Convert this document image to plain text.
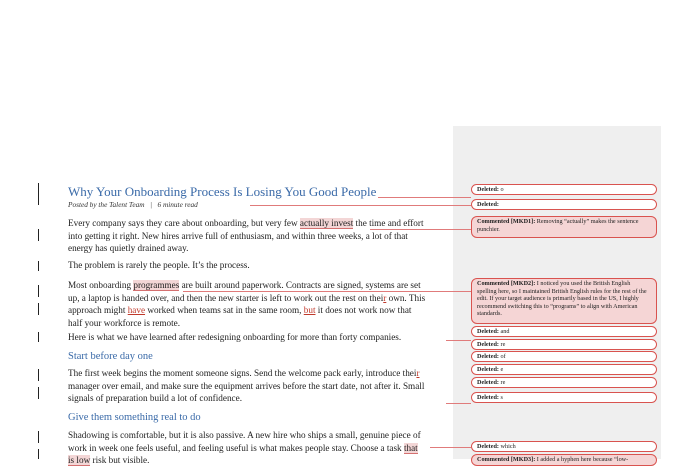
Why Your Onboarding Process Is Losing You Good People
Posted by the Talent Team | 6 minute read
Every company says they care about onboarding, but very few actually invest the time and effort
into getting it right. New hires arrive full of enthusiasm, and within three weeks, a lot of that
energy has quietly drained away.
The problem is rarely the people. It’s the process.
Most onboarding programmes are built around paperwork. Contracts are signed, systems are set
up, a laptop is handed over, and then the new starter is left to work out the rest on their own. This
approach might have worked when teams sat in the same room, but it does not work now that
half your workforce is remote.
Here is what we have learned after redesigning onboarding for more than forty companies.
Start before day one
The first week begins the moment someone signs. Send the welcome pack early, introduce their
manager over email, and make sure the equipment arrives before the start date, not after it. Small
signals of preparation build a lot of confidence.
Give them something real to do
Shadowing is comfortable, but it is also passive. A new hire who ships a small, genuine piece of
work in week one feels useful, and feeling useful is what makes people stay. Choose a task that
is low risk but visible.
Deleted: o
Deleted:
Commented [MKD1]: Removing “actually” makes the sentence punchier.
Commented [MKD2]: I noticed you used the British English spelling here, so I maintained British English rules for the rest of the edit. If your target audience is primarily based in the US, I highly recommend switching this to “programs” to align with American standards.
Deleted: and
Deleted: re
Deleted: of
Deleted: e
Deleted: re
Deleted: s
Deleted: which
Commented [MKD3]: I added a hyphen here because “low-
